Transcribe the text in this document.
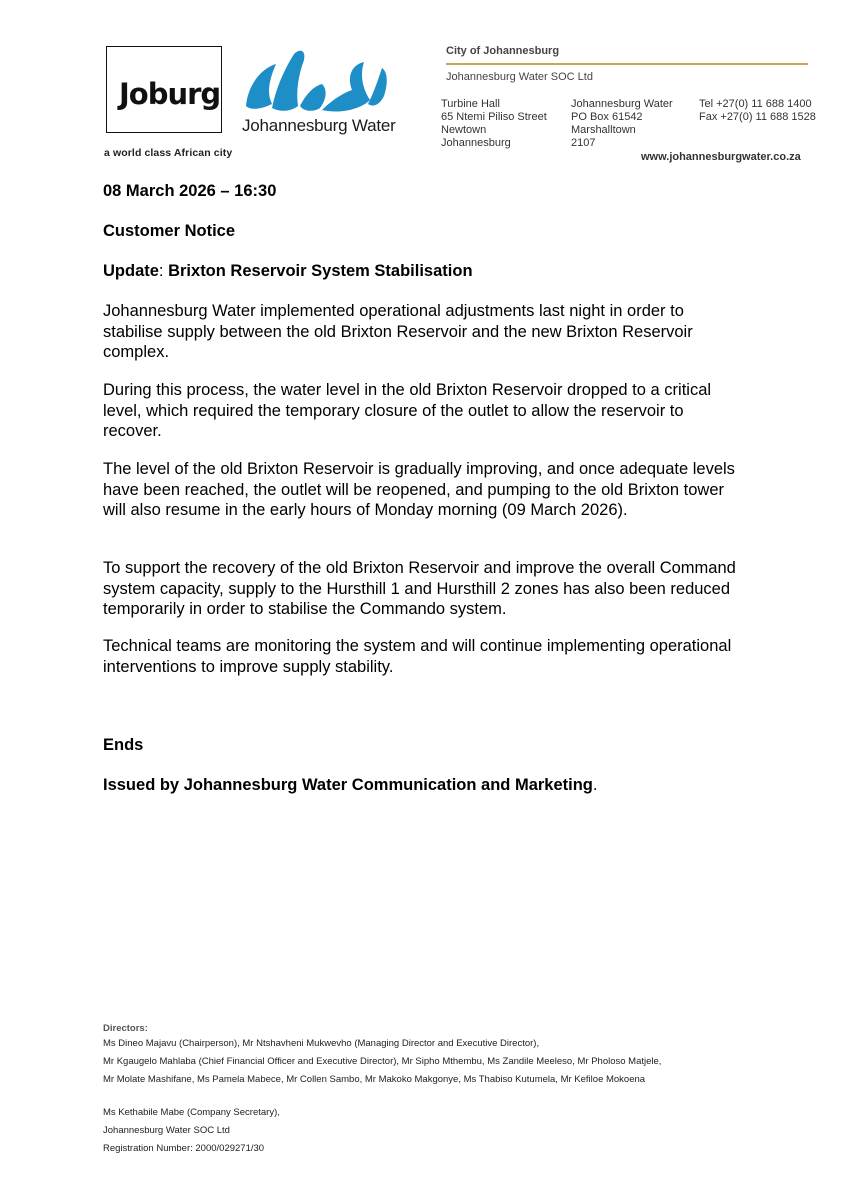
Joburg
a world class African city
Johannesburg Water
City of Johannesburg
Johannesburg Water SOC Ltd
Turbine Hall
65 Ntemi Piliso Street
Newtown
Johannesburg
Johannesburg Water
PO Box 61542
Marshalltown
2107
Tel +27(0) 11 688 1400
Fax +27(0) 11 688 1528
www.johannesburgwater.co.za
08 March 2026 – 16:30
Customer Notice
Update: Brixton Reservoir System Stabilisation
Johannesburg Water implemented operational adjustments last night in order to stabilise supply between the old Brixton Reservoir and the new Brixton Reservoir complex.
During this process, the water level in the old Brixton Reservoir dropped to a critical level, which required the temporary closure of the outlet to allow the reservoir to recover.
The level of the old Brixton Reservoir is gradually improving, and once adequate levels have been reached, the outlet will be reopened, and pumping to the old Brixton tower will also resume in the early hours of Monday morning (09 March 2026).
To support the recovery of the old Brixton Reservoir and improve the overall Command system capacity, supply to the Hursthill 1 and Hursthill 2 zones has also been reduced temporarily in order to stabilise the Commando system.
Technical teams are monitoring the system and will continue implementing operational interventions to improve supply stability.
Ends
Issued by Johannesburg Water Communication and Marketing.
Directors:
Ms Dineo Majavu (Chairperson), Mr Ntshavheni Mukwevho (Managing Director and Executive Director),
Mr Kgaugelo Mahlaba (Chief Financial Officer and Executive Director), Mr Sipho Mthembu, Ms Zandile Meeleso, Mr Pholoso Matjele,
Mr Molate Mashifane, Ms Pamela Mabece, Mr Collen Sambo, Mr Makoko Makgonye, Ms Thabiso Kutumela, Mr Kefiloe Mokoena
Ms Kethabile Mabe (Company Secretary),
Johannesburg Water SOC Ltd
Registration Number: 2000/029271/30
